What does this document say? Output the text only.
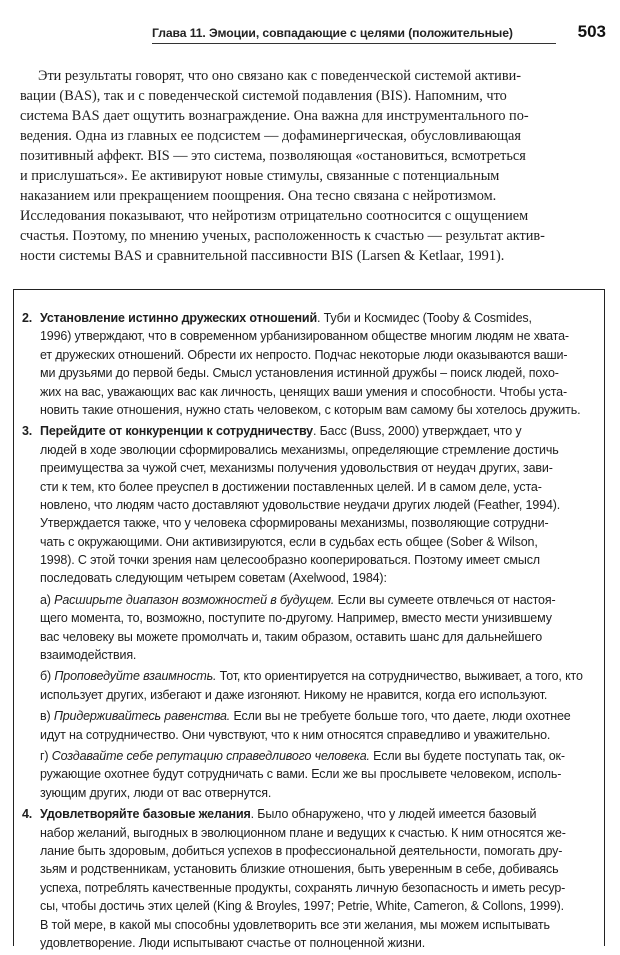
Глава 11. Эмоции, совпадающие с целями (положительные)	503
Эти результаты говорят, что оно связано как с поведенческой системой активи-
вации (BAS), так и с поведенческой системой подавления (BIS). Напомним, что
система BAS дает ощутить вознаграждение. Она важна для инструментального по-
ведения. Одна из главных ее подсистем — дофаминергическая, обусловливающая
позитивный аффект. BIS — это система, позволяющая «остановиться, всмотреться
и прислушаться». Ее активируют новые стимулы, связанные с потенциальным
наказанием или прекращением поощрения. Она тесно связана с нейротизмом.
Исследования показывают, что нейротизм отрицательно соотносится с ощущением
счастья. Поэтому, по мнению ученых, расположенность к счастью — результат актив-
ности системы BAS и сравнительной пассивности BIS (Larsen & Ketlaar, 1991).
2. Установление истинно дружеских отношений. Туби и Космидес (Tooby & Cosmides,
1996) утверждают, что в современном урбанизированном обществе многим людям не хвата-
ет дружеских отношений. Обрести их непросто. Подчас некоторые люди оказываются ваши-
ми друзьями до первой беды. Смысл установления истинной дружбы – поиск людей, похо-
жих на вас, уважающих вас как личность, ценящих ваши умения и способности. Чтобы уста-
новить такие отношения, нужно стать человеком, с которым вам самому бы хотелось дружить.
3. Перейдите от конкуренции к сотрудничеству. Басс (Buss, 2000) утверждает, что у
людей в ходе эволюции сформировались механизмы, определяющие стремление достичь
преимущества за чужой счет, механизмы получения удовольствия от неудач других, зави-
сти к тем, кто более преуспел в достижении поставленных целей. И в самом деле, уста-
новлено, что людям часто доставляют удовольствие неудачи других людей (Feather, 1994).
Утверждается также, что у человека сформированы механизмы, позволяющие сотрудни-
чать с окружающими. Они активизируются, если в судьбах есть общее (Sober & Wilson,
1998). С этой точки зрения нам целесообразно кооперироваться. Поэтому имеет смысл
последовать следующим четырем советам (Axelwood, 1984):
а) Расширьте диапазон возможностей в будущем. Если вы сумеете отвлечься от настоя-
щего момента, то, возможно, поступите по-другому. Например, вместо мести унизившему
вас человеку вы можете промолчать и, таким образом, оставить шанс для дальнейшего
взаимодействия.
б) Проповедуйте взаимность. Тот, кто ориентируется на сотрудничество, выживает, а того, кто
использует других, избегают и даже изгоняют. Никому не нравится, когда его используют.
в) Придерживайтесь равенства. Если вы не требуете больше того, что даете, люди охотнее
идут на сотрудничество. Они чувствуют, что к ним относятся справедливо и уважительно.
г) Создавайте себе репутацию справедливого человека. Если вы будете поступать так, ок-
ружающие охотнее будут сотрудничать с вами. Если же вы прослывете человеком, исполь-
зующим других, люди от вас отвернутся.
4. Удовлетворяйте базовые желания. Было обнаружено, что у людей имеется базовый
набор желаний, выгодных в эволюционном плане и ведущих к счастью. К ним относятся же-
лание быть здоровым, добиться успехов в профессиональной деятельности, помогать дру-
зьям и родственникам, установить близкие отношения, быть уверенным в себе, добиваясь
успеха, потреблять качественные продукты, сохранять личную безопасность и иметь ресур-
сы, чтобы достичь этих целей (King & Broyles, 1997; Petrie, White, Cameron, & Collons, 1999).
В той мере, в какой мы способны удовлетворить все эти желания, мы можем испытывать
удовлетворение. Люди испытывают счастье от полноценной жизни.
